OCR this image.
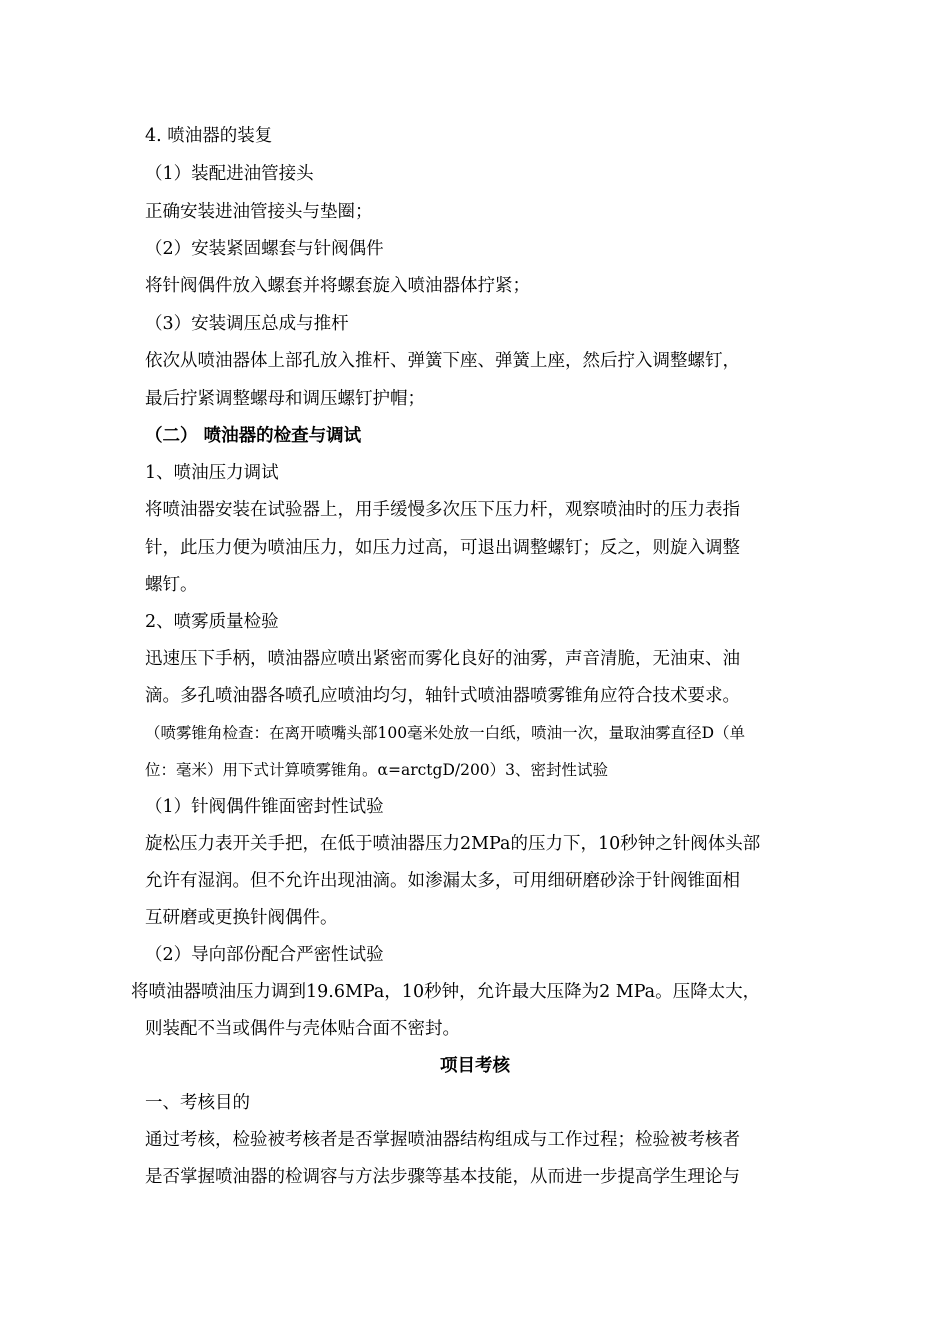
4. 喷油器的装复

（1）装配进油管接头

正确安装进油管接头与垫圈；

（2）安装紧固螺套与针阀偶件

将针阀偶件放入螺套并将螺套旋入喷油器体拧紧；

（3）安装调压总成与推杆

依次从喷油器体上部孔放入推杆、弹簧下座、弹簧上座，然后拧入调整螺钉，

最后拧紧调整螺母和调压螺钉护帽；

（二） 喷油器的检查与调试

1、喷油压力调试

将喷油器安装在试验器上，用手缓慢多次压下压力杆，观察喷油时的压力表指

针，此压力便为喷油压力，如压力过高，可退出调整螺钉；反之，则旋入调整

螺钉。

2、喷雾质量检验

迅速压下手柄，喷油器应喷出紧密而雾化良好的油雾，声音清脆，无油束、油

滴。多孔喷油器各喷孔应喷油均匀，轴针式喷油器喷雾锥角应符合技术要求。

（喷雾锥角检查：在离开喷嘴头部100毫米处放一白纸，喷油一次，量取油雾直径D（单

位：毫米）用下式计算喷雾锥角。α=arctgD/200）3、密封性试验

（1）针阀偶件锥面密封性试验

旋松压力表开关手把，在低于喷油器压力2MPa的压力下，10秒钟之针阀体头部

允许有湿润。但不允许出现油滴。如渗漏太多，可用细研磨砂涂于针阀锥面相

互研磨或更换针阀偶件。

（2）导向部份配合严密性试验

将喷油器喷油压力调到19.6MPa，10秒钟，允许最大压降为2 MPa。压降太大，

则装配不当或偶件与壳体贴合面不密封。

项目考核

一、考核目的

通过考核，检验被考核者是否掌握喷油器结构组成与工作过程；检验被考核者

是否掌握喷油器的检调容与方法步骤等基本技能，从而进一步提高学生理论与
